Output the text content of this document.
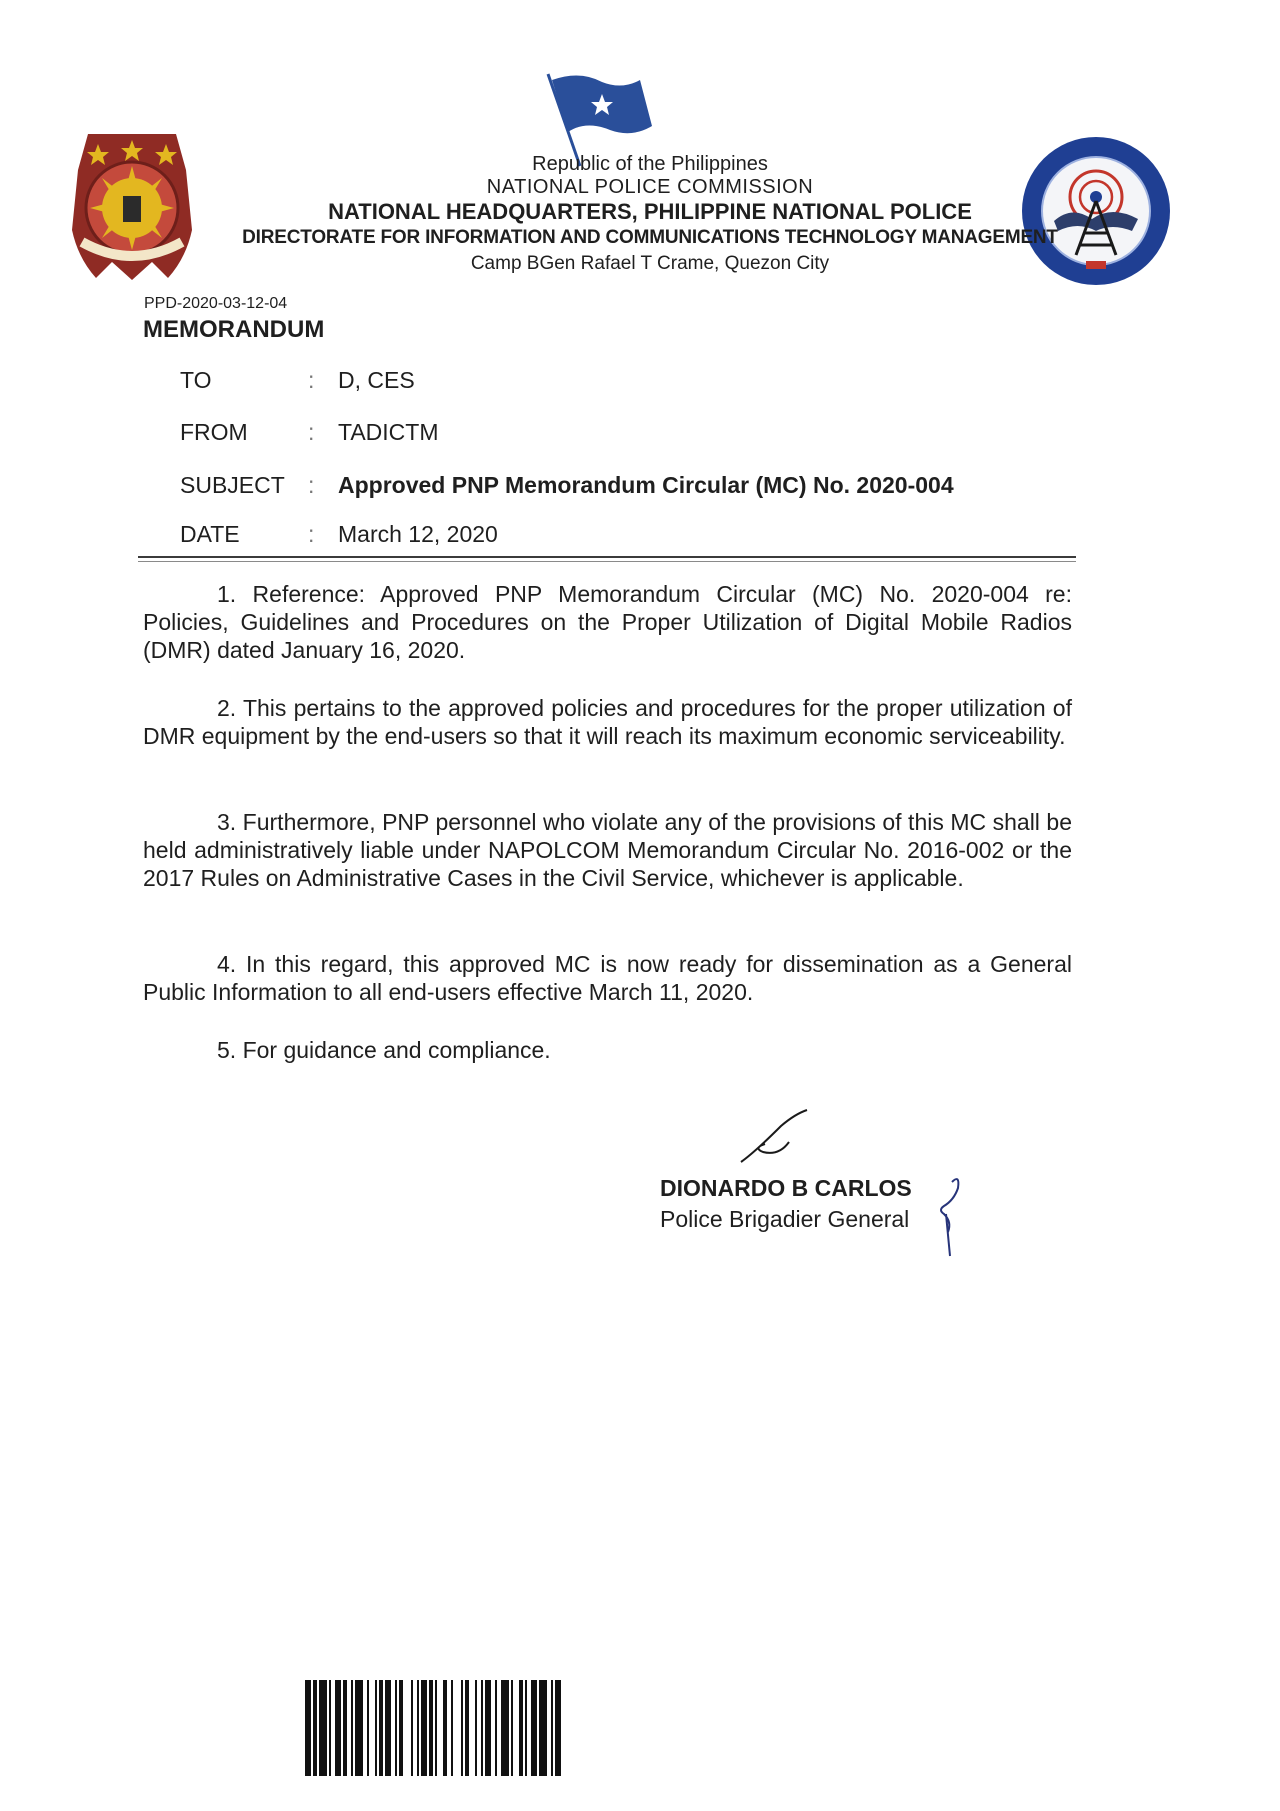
Republic of the Philippines
NATIONAL POLICE COMMISSION
NATIONAL HEADQUARTERS, PHILIPPINE NATIONAL POLICE
DIRECTORATE FOR INFORMATION AND COMMUNICATIONS TECHNOLOGY MANAGEMENT
Camp BGen Rafael T Crame, Quezon City
PPD-2020-03-12-04
MEMORANDUM
TO	:	D, CES
FROM	:	TADICTM
SUBJECT	:	Approved PNP Memorandum Circular (MC) No. 2020-004
DATE	:	March 12, 2020

1. Reference: Approved PNP Memorandum Circular (MC) No. 2020-004 re: Policies, Guidelines and Procedures on the Proper Utilization of Digital Mobile Radios (DMR) dated January 16, 2020.

2. This pertains to the approved policies and procedures for the proper utilization of DMR equipment by the end-users so that it will reach its maximum economic serviceability.

3. Furthermore, PNP personnel who violate any of the provisions of this MC shall be held administratively liable under NAPOLCOM Memorandum Circular No. 2016-002 or the 2017 Rules on Administrative Cases in the Civil Service, whichever is applicable.

4. In this regard, this approved MC is now ready for dissemination as a General Public Information to all end-users effective March 11, 2020.

5. For guidance and compliance.

DIONARDO B CARLOS
Police Brigadier General
